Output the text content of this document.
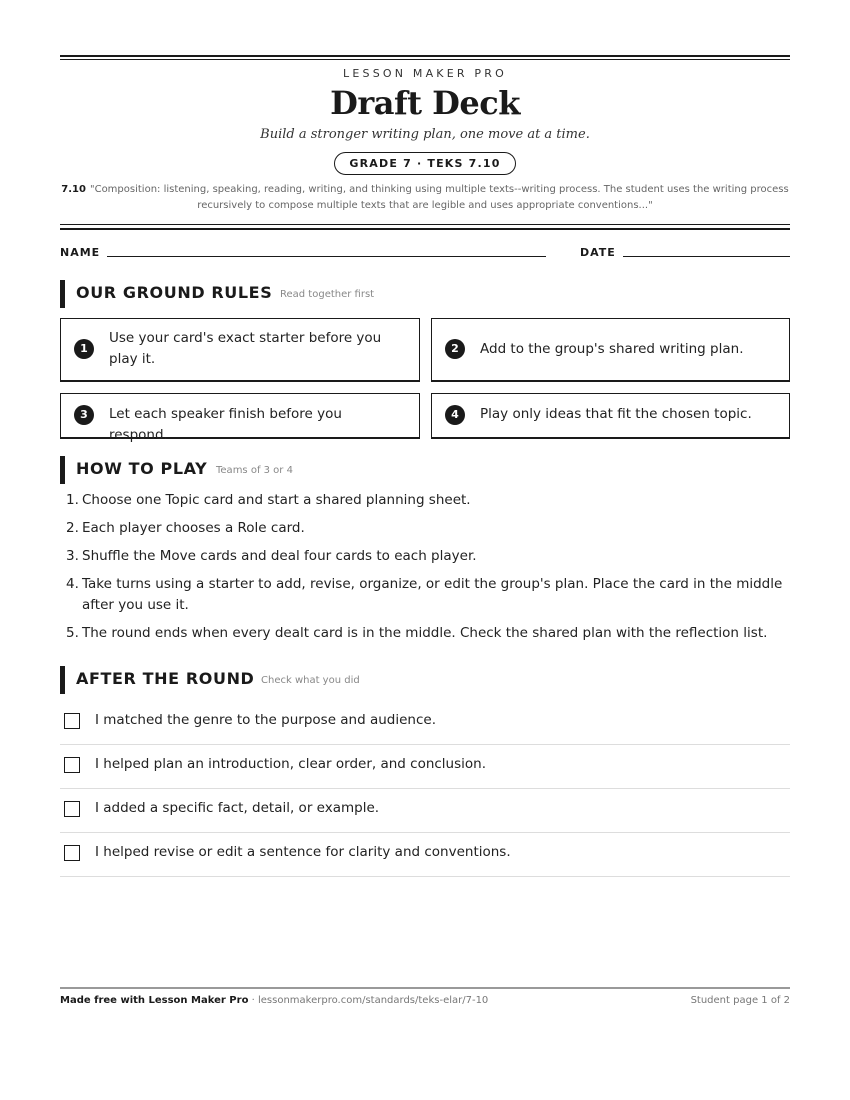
LESSON MAKER PRO
Draft Deck
Build a stronger writing plan, one move at a time.
GRADE 7 · TEKS 7.10
7.10 "Composition: listening, speaking, reading, writing, and thinking using multiple texts--writing process. The student uses the writing process recursively to compose multiple texts that are legible and uses appropriate conventions..."
NAME	DATE
OUR GROUND RULES Read together first
1
Use your card's exact starter before you play it.
2	Add to the group's shared writing plan.
3	Let each speaker finish before you respond.
4	Play only ideas that fit the chosen topic.
HOW TO PLAY Teams of 3 or 4
1. Choose one Topic card and start a shared planning sheet.
2. Each player chooses a Role card.
3. Shuffle the Move cards and deal four cards to each player.
4. Take turns using a starter to add, revise, organize, or edit the group's plan. Place the card in the middle after you use it.
5. The round ends when every dealt card is in the middle. Check the shared plan with the reflection list.
AFTER THE ROUND Check what you did
I matched the genre to the purpose and audience.
I helped plan an introduction, clear order, and conclusion.
I added a specific fact, detail, or example.
I helped revise or edit a sentence for clarity and conventions.
Made free with Lesson Maker Pro · lessonmakerpro.com/standards/teks-elar/7-10	Student page 1 of 2
